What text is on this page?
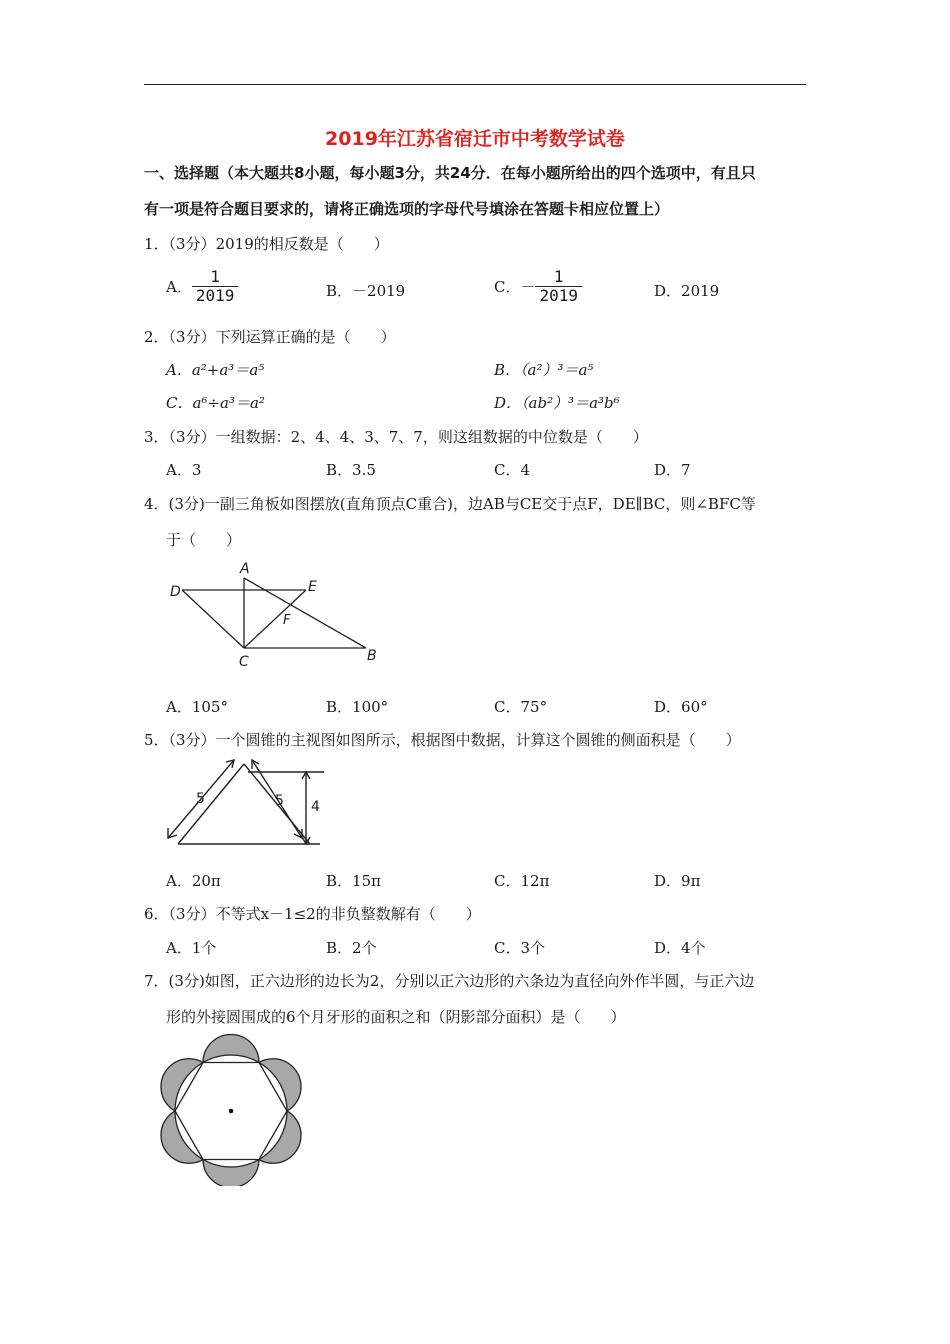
2019年江苏省宿迁市中考数学试卷
一、选择题（本大题共8小题，每小题3分，共24分．在每小题所给出的四个选项中，有且只
有一项是符合题目要求的，请将正确选项的字母代号填涂在答题卡相应位置上）
1．（3分）2019的相反数是（　　）
A． $\frac{1}{2019}$	B．－2019	C．－ $\frac{1}{2019}$	D．2019
2．（3分）下列运算正确的是（　　）
A．a²+a³＝a⁵	B．（a²）³＝a⁵
C．a⁶÷a³＝a²	D．（ab²）³＝a³b⁶
3．（3分）一组数据：2、4、4、3、7、7，则这组数据的中位数是（　　）
A．3	B．3.5	C．4	D．7
4．(3分)一副三角板如图摆放(直角顶点C重合)，边AB与CE交于点F，DE∥BC，则∠BFC等
于（　　）
D
A
E
F
C	B
A．105°	B．100°	C．75°	D．60°
5．（3分）一个圆锥的主视图如图所示，根据图中数据，计算这个圆锥的侧面积是（　　）
5	5 4
A．20π	B．15π	C．12π	D．9π
6．（3分）不等式x－1≤2的非负整数解有（　　）
A．1个	B．2个	C．3个	D．4个
7．(3分)如图，正六边形的边长为2，分别以正六边形的六条边为直径向外作半圆，与正六边
形的外接圆围成的6个月牙形的面积之和（阴影部分面积）是（　　）
